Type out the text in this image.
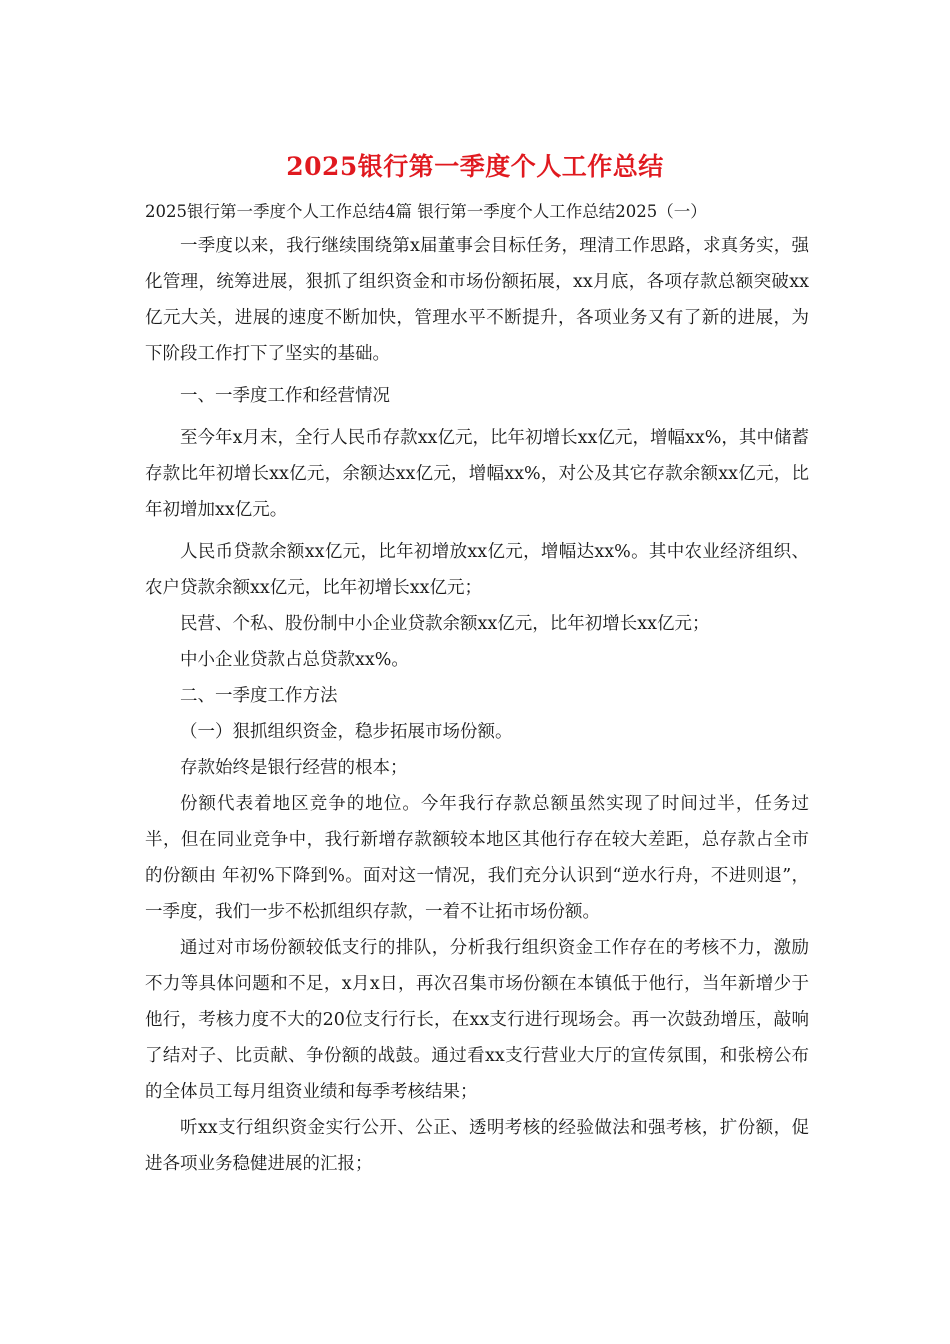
2025银行第一季度个人工作总结
2025银行第一季度个人工作总结4篇 银行第一季度个人工作总结2025（一）

一季度以来，我行继续围绕第x届董事会目标任务，理清工作思路，求真务实，强化管理，统筹进展，狠抓了组织资金和市场份额拓展，xx月底，各项存款总额突破xx亿元大关，进展的速度不断加快，管理水平不断提升，各项业务又有了新的进展，为下阶段工作打下了坚实的基础。

一、一季度工作和经营情况

至今年x月末，全行人民币存款xx亿元，比年初增长xx亿元，增幅xx%，其中储蓄存款比年初增长xx亿元，余额达xx亿元，增幅xx%，对公及其它存款余额xx亿元，比年初增加xx亿元。

人民币贷款余额xx亿元，比年初增放xx亿元，增幅达xx%。其中农业经济组织、农户贷款余额xx亿元，比年初增长xx亿元；

民营、个私、股份制中小企业贷款余额xx亿元，比年初增长xx亿元；

中小企业贷款占总贷款xx%。

二、一季度工作方法

（一）狠抓组织资金，稳步拓展市场份额。

存款始终是银行经营的根本；

份额代表着地区竞争的地位。今年我行存款总额虽然实现了时间过半，任务过半，但在同业竞争中，我行新增存款额较本地区其他行存在较大差距，总存款占全市的份额由 年初%下降到%。面对这一情况，我们充分认识到“逆水行舟，不进则退”，一季度，我们一步不松抓组织存款，一着不让拓市场份额。

通过对市场份额较低支行的排队，分析我行组织资金工作存在的考核不力，激励不力等具体问题和不足，x月x日，再次召集市场份额在本镇低于他行，当年新增少于他行，考核力度不大的20位支行行长，在xx支行进行现场会。再一次鼓劲增压，敲响了结对子、比贡献、争份额的战鼓。通过看xx支行营业大厅的宣传氛围，和张榜公布的全体员工每月组资业绩和每季考核结果；

听xx支行组织资金实行公开、公正、透明考核的经验做法和强考核，扩份额，促进各项业务稳健进展的汇报；
